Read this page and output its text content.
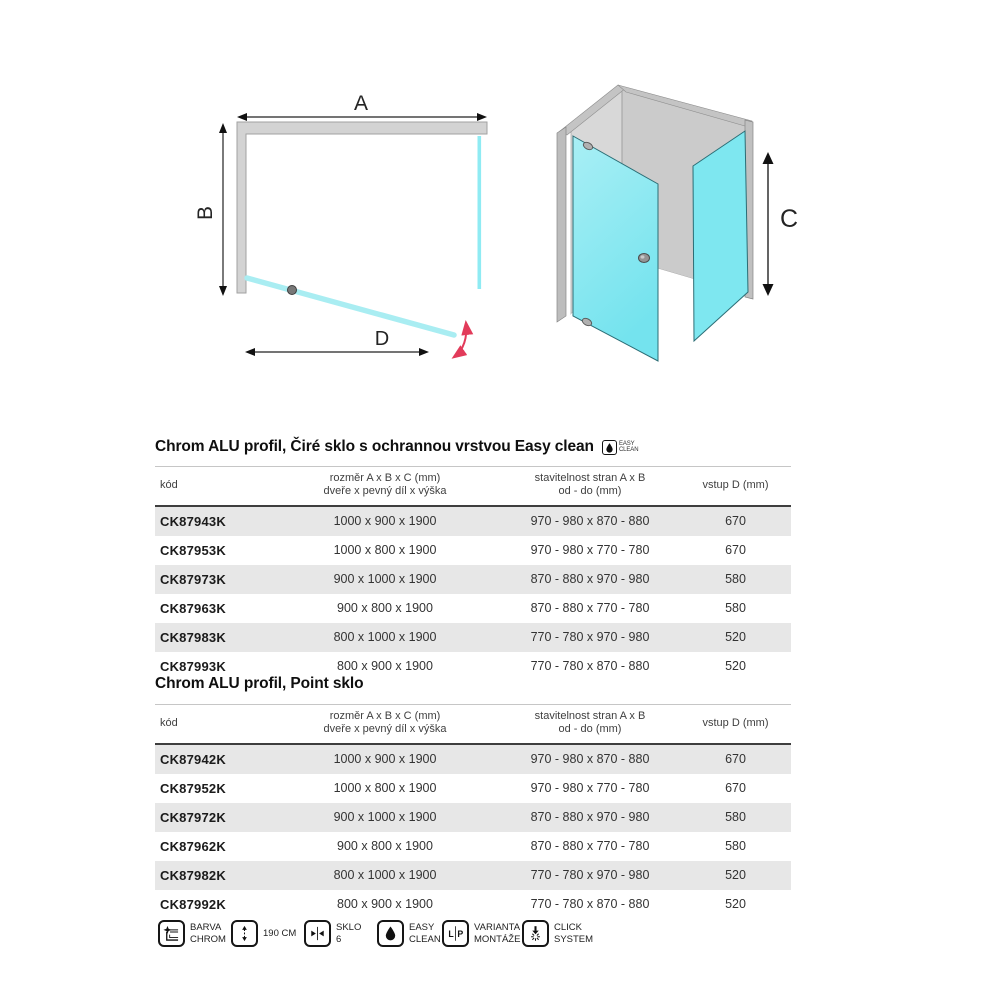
A
B
D
C
Chrom ALU profil, Čiré sklo s ochrannou vrstvou Easy clean	EASY
CLEAN
kód	
rozměr A x B x C (mm)
dveře x pevný díl x výška

stavitelnost stran A x B
od - do (mm)
	vstup D (mm)
CK87943K	1000 x 900 x 1900	970 - 980 x 870 - 880	670
CK87953K	1000 x 800 x 1900	970 - 980 x 770 - 780	670
CK87973K	900 x 1000 x 1900	870 - 880 x 970 - 980	580
CK87963K	900 x 800 x 1900	870 - 880 x 770 - 780	580
CK87983K	800 x 1000 x 1900	770 - 780 x 970 - 980	520
CK87993K	800 x 900 x 1900	770 - 780 x 870 - 880	520
Chrom ALU profil, Point sklo
kód	
rozměr A x B x C (mm)
dveře x pevný díl x výška

stavitelnost stran A x B
od - do (mm)
	vstup D (mm)
CK87942K	1000 x 900 x 1900	970 - 980 x 870 - 880	670
CK87952K	1000 x 800 x 1900	970 - 980 x 770 - 780	670
CK87972K	900 x 1000 x 1900	870 - 880 x 970 - 980	580
CK87962K	900 x 800 x 1900	870 - 880 x 770 - 780	580
CK87982K	800 x 1000 x 1900	770 - 780 x 970 - 980	520
CK87992K	800 x 900 x 1900	770 - 780 x 870 - 880	520
BARVA
CHROM
190 CM
SKLO
6
EASY
CLEAN L P
VARIANTA
MONTÁŽE
CLICK
SYSTEM
